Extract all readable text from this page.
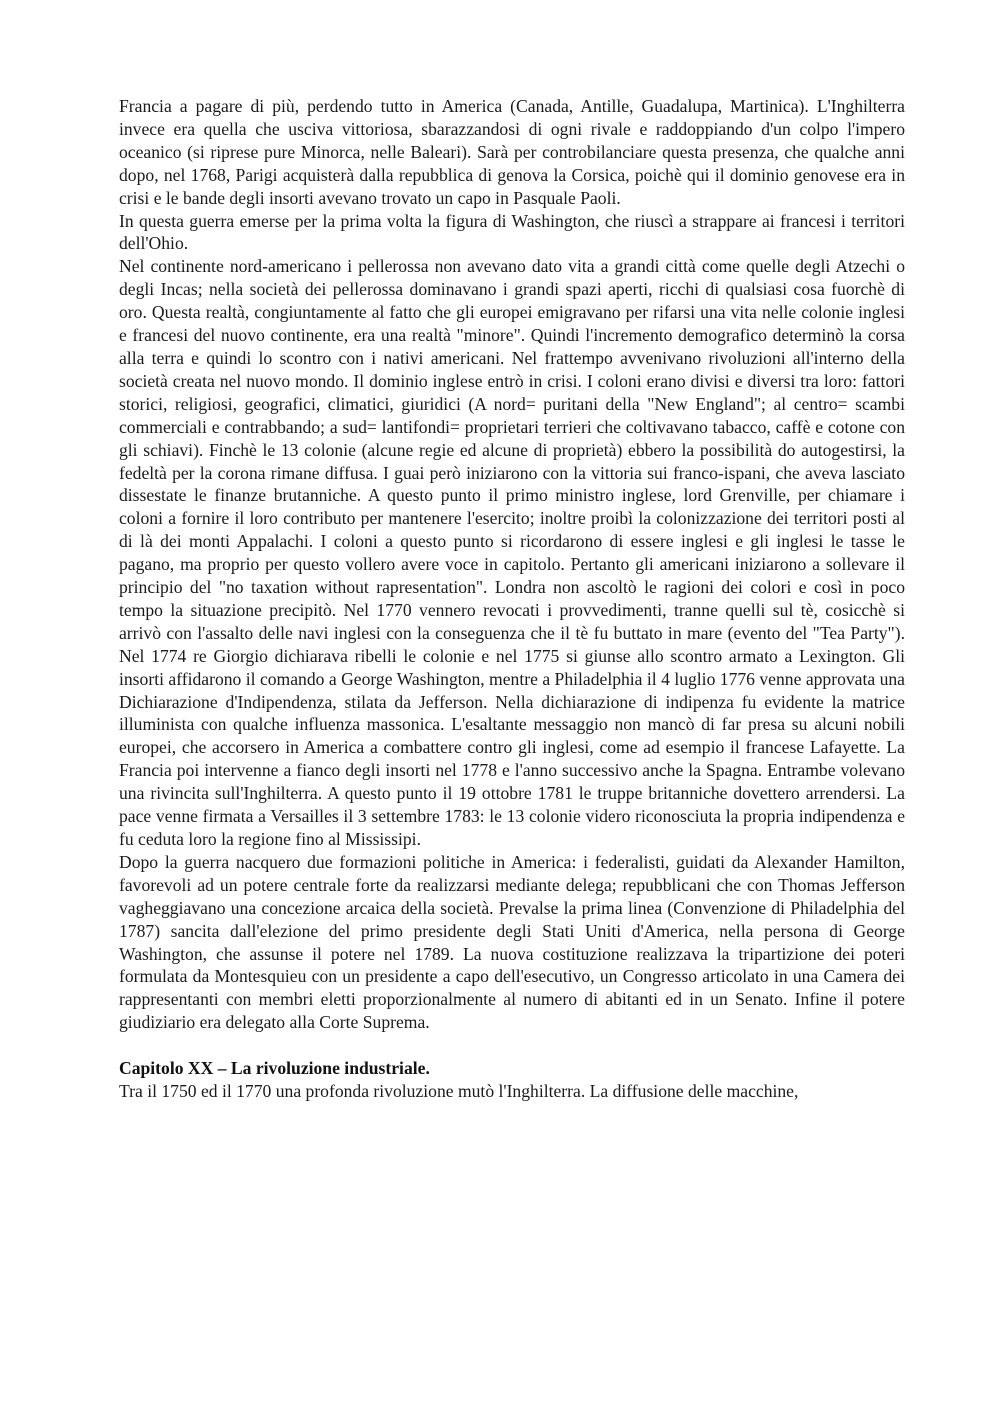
Francia a pagare di più, perdendo tutto in America (Canada, Antille, Guadalupa, Martinica). L'Inghilterra invece era quella che usciva vittoriosa, sbarazzandosi di ogni rivale e raddoppiando d'un colpo l'impero oceanico (si riprese pure Minorca, nelle Baleari). Sarà per controbilanciare questa presenza, che qualche anni dopo, nel 1768, Parigi acquisterà dalla repubblica di genova la Corsica, poichè qui il dominio genovese era in crisi e le bande degli insorti avevano trovato un capo in Pasquale Paoli.

In questa guerra emerse per la prima volta la figura di Washington, che riuscì a strappare ai francesi i territori dell'Ohio.

Nel continente nord-americano i pellerossa non avevano dato vita a grandi città come quelle degli Atzechi o degli Incas; nella società dei pellerossa dominavano i grandi spazi aperti, ricchi di qualsiasi cosa fuorchè di oro. Questa realtà, congiuntamente al fatto che gli europei emigravano per rifarsi una vita nelle colonie inglesi e francesi del nuovo continente, era una realtà "minore". Quindi l'incremento demografico determinò la corsa alla terra e quindi lo scontro con i nativi americani. Nel frattempo avvenivano rivoluzioni all'interno della società creata nel nuovo mondo. Il dominio inglese entrò in crisi. I coloni erano divisi e diversi tra loro: fattori storici, religiosi, geografici, climatici, giuridici (A nord= puritani della "New England"; al centro= scambi commerciali e contrabbando; a sud= lantifondi= proprietari terrieri che coltivavano tabacco, caffè e cotone con gli schiavi). Finchè le 13 colonie (alcune regie ed alcune di proprietà) ebbero la possibilità do autogestirsi, la fedeltà per la corona rimane diffusa. I guai però iniziarono con la vittoria sui franco-ispani, che aveva lasciato dissestate le finanze brutanniche. A questo punto il primo ministro inglese, lord Grenville, per chiamare i coloni a fornire il loro contributo per mantenere l'esercito; inoltre proibì la colonizzazione dei territori posti al di là dei monti Appalachi. I coloni a questo punto si ricordarono di essere inglesi e gli inglesi le tasse le pagano, ma proprio per questo vollero avere voce in capitolo. Pertanto gli americani iniziarono a sollevare il principio del "no taxation without rapresentation". Londra non ascoltò le ragioni dei colori e così in poco tempo la situazione precipitò. Nel 1770 vennero revocati i provvedimenti, tranne quelli sul tè, cosicchè si arrivò con l'assalto delle navi inglesi con la conseguenza che il tè fu buttato in mare (evento del "Tea Party"). Nel 1774 re Giorgio dichiarava ribelli le colonie e nel 1775 si giunse allo scontro armato a Lexington. Gli insorti affidarono il comando a George Washington, mentre a Philadelphia il 4 luglio 1776 venne approvata una Dichiarazione d'Indipendenza, stilata da Jefferson. Nella dichiarazione di indipenza fu evidente la matrice illuminista con qualche influenza massonica. L'esaltante messaggio non mancò di far presa su alcuni nobili europei, che accorsero in America a combattere contro gli inglesi, come ad esempio il francese Lafayette. La Francia poi intervenne a fianco degli insorti nel 1778 e l'anno successivo anche la Spagna. Entrambe volevano una rivincita sull'Inghilterra. A questo punto il 19 ottobre 1781 le truppe britanniche dovettero arrendersi. La pace venne firmata a Versailles il 3 settembre 1783: le 13 colonie videro riconosciuta la propria indipendenza e fu ceduta loro la regione fino al Mississipi.

Dopo la guerra nacquero due formazioni politiche in America: i federalisti, guidati da Alexander Hamilton, favorevoli ad un potere centrale forte da realizzarsi mediante delega; repubblicani che con Thomas Jefferson vagheggiavano una concezione arcaica della società. Prevalse la prima linea (Convenzione di Philadelphia del 1787) sancita dall'elezione del primo presidente degli Stati Uniti d'America, nella persona di George Washington, che assunse il potere nel 1789. La nuova costituzione realizzava la tripartizione dei poteri formulata da Montesquieu con un presidente a capo dell'esecutivo, un Congresso articolato in una Camera dei rappresentanti con membri eletti proporzionalmente al numero di abitanti ed in un Senato. Infine il potere giudiziario era delegato alla Corte Suprema.

Capitolo XX – La rivoluzione industriale.

Tra il 1750 ed il 1770 una profonda rivoluzione mutò l'Inghilterra. La diffusione delle macchine,
